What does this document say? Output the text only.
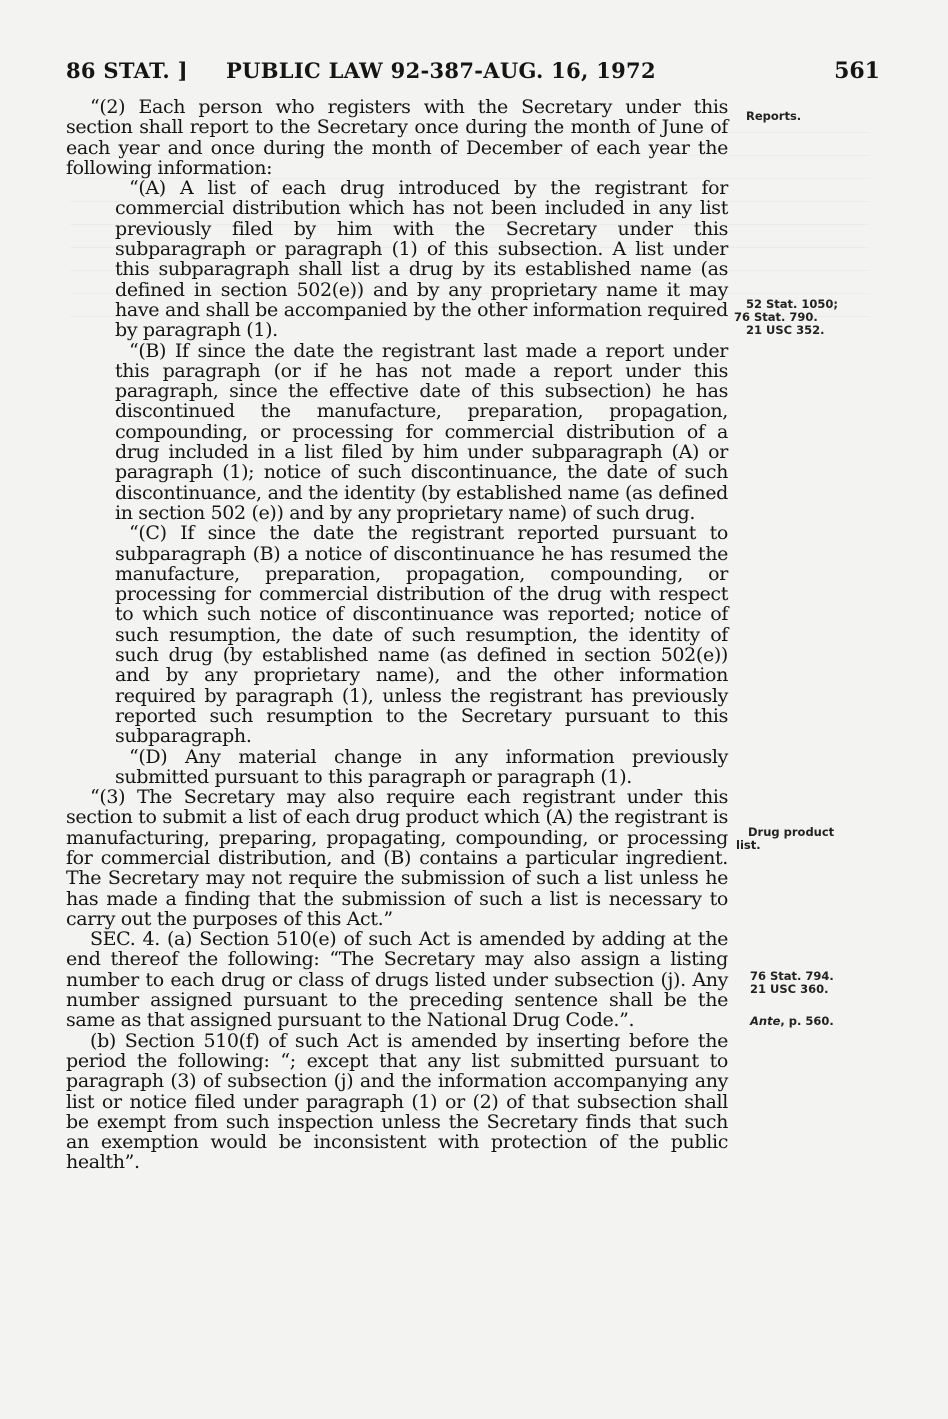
86 STAT. ] PUBLIC LAW 92-387-AUG. 16, 1972	561

“(2) Each person who registers with the Secretary under this section shall report to the Secretary once during the month of June of each year and once during the month of December of each year the following information:

“(A) A list of each drug introduced by the registrant for commercial distribution which has not been included in any list previously filed by him with the Secretary under this subparagraph or paragraph (1) of this subsection. A list under this subparagraph shall list a drug by its established name (as defined in section 502(e)) and by any proprietary name it may have and shall be accompanied by the other information required by paragraph (1).

“(B) If since the date the registrant last made a report under this paragraph (or if he has not made a report under this paragraph, since the effective date of this subsection) he has discontinued the manufacture, preparation, propagation, compounding, or processing for commercial distribution of a drug included in a list filed by him under subparagraph (A) or paragraph (1); notice of such discontinuance, the date of such discontinuance, and the identity (by established name (as defined in section 502 (e)) and by any proprietary name) of such drug.

“(C) If since the date the registrant reported pursuant to subparagraph (B) a notice of discontinuance he has resumed the manufacture, preparation, propagation, compounding, or processing for commercial distribution of the drug with respect to which such notice of discontinuance was reported; notice of such resumption, the date of such resumption, the identity of such drug (by established name (as defined in section 502(e)) and by any proprietary name), and the other information required by paragraph (1), unless the registrant has previously reported such resumption to the Secretary pursuant to this subparagraph.

“(D) Any material change in any information previously submitted pursuant to this paragraph or paragraph (1).

“(3) The Secretary may also require each registrant under this section to submit a list of each drug product which (A) the registrant is manufacturing, preparing, propagating, compounding, or processing for commercial distribution, and (B) contains a particular ingredient. The Secretary may not require the submission of such a list unless he has made a finding that the submission of such a list is necessary to carry out the purposes of this Act.”

SEC. 4. (a) Section 510(e) of such Act is amended by adding at the end thereof the following: “The Secretary may also assign a listing number to each drug or class of drugs listed under subsection (j). Any number assigned pursuant to the preceding sentence shall be the same as that assigned pursuant to the National Drug Code.”.

(b) Section 510(f) of such Act is amended by inserting before the period the following: “; except that any list submitted pursuant to paragraph (3) of subsection (j) and the information accompanying any list or notice filed under paragraph (1) or (2) of that subsection shall be exempt from such inspection unless the Secretary finds that such an exemption would be inconsistent with protection of the public health”.

Reports.
52 Stat. 1050;
76 Stat. 790.
21 USC 352.
Drug product
list.
76 Stat. 794.
21 USC 360.
Ante, p. 560.
